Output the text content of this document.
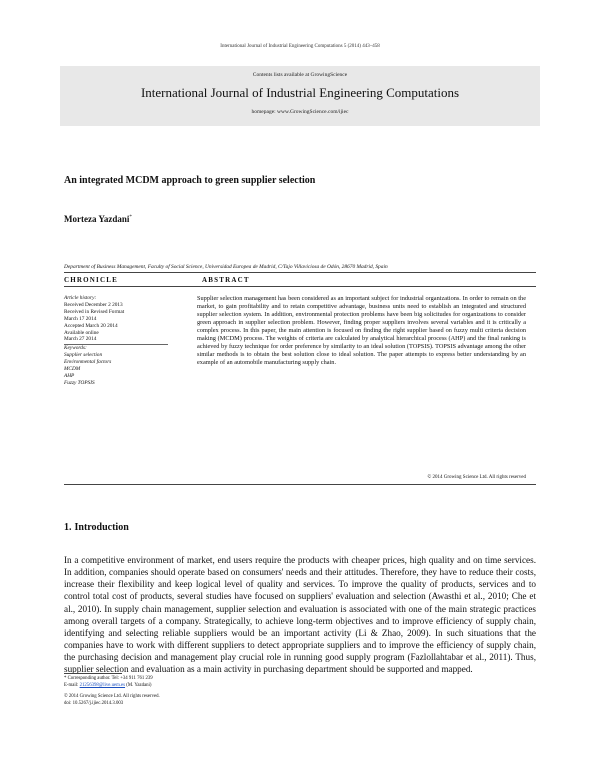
International Journal of Industrial Engineering Computations 5 (2014) 443–458
Contents lists available at GrowingScience
International Journal of Industrial Engineering Computations
homepage: www.GrowingScience.com/ijiec
An integrated MCDM approach to green supplier selection
Morteza Yazdani*
Department of Business Management, Faculty of Social Science, Universidad Europea de Madrid, C/Tajo Villaviciosa de Odón, 28670 Madrid, Spain
CHRONICLE	ABSTRACT
Article history:
Received December 2 2013
Received in Revised Format
March 17 2014
Accepted March 20 2014
Available online
March 27 2014
Keywords:
Supplier selection
Environmental factors
MCDM
AHP
Fuzzy TOPSIS
Supplier selection management has been considered as an important subject for industrial organizations. In order to remain on the market, to gain profitability and to retain competitive advantage, business units need to establish an integrated and structured supplier selection system. In addition, environmental protection problems have been big solicitudes for organizations to consider green approach in supplier selection problem. However, finding proper suppliers involves several variables and it is critically a complex process. In this paper, the main attention is focused on finding the right supplier based on fuzzy multi criteria decision making (MCDM) process. The weights of criteria are calculated by analytical hierarchical process (AHP) and the final ranking is achieved by fuzzy technique for order preference by similarity to an ideal solution (TOPSIS). TOPSIS advantage among the other similar methods is to obtain the best solution close to ideal solution. The paper attempts to express better understanding by an example of an automobile manufacturing supply chain.
© 2014 Growing Science Ltd. All rights reserved
1. Introduction
In a competitive environment of market, end users require the products with cheaper prices, high quality and on time services. In addition, companies should operate based on consumers' needs and their attitudes. Therefore, they have to reduce their costs, increase their flexibility and keep logical level of quality and services. To improve the quality of products, services and to control total cost of products, several studies have focused on suppliers' evaluation and selection (Awasthi et al., 2010; Che et al., 2010). In supply chain management, supplier selection and evaluation is associated with one of the main strategic practices among overall targets of a company. Strategically, to achieve long-term objectives and to improve efficiency of supply chain, identifying and selecting reliable suppliers would be an important activity (Li & Zhao, 2009). In such situations that the companies have to work with different suppliers to detect appropriate suppliers and to improve the efficiency of supply chain, the purchasing decision and management play crucial role in running good supply program (Fazlollahtabar et al., 2011). Thus, supplier selection and evaluation as a main activity in purchasing department should be supported and mapped.
* Corresponding author. Tel: +34 911 761 239
E-mail: 21256398@live.uem.es (M. Yazdani)
© 2014 Growing Science Ltd. All rights reserved.
doi: 10.5267/j.ijiec.2014.3.003
